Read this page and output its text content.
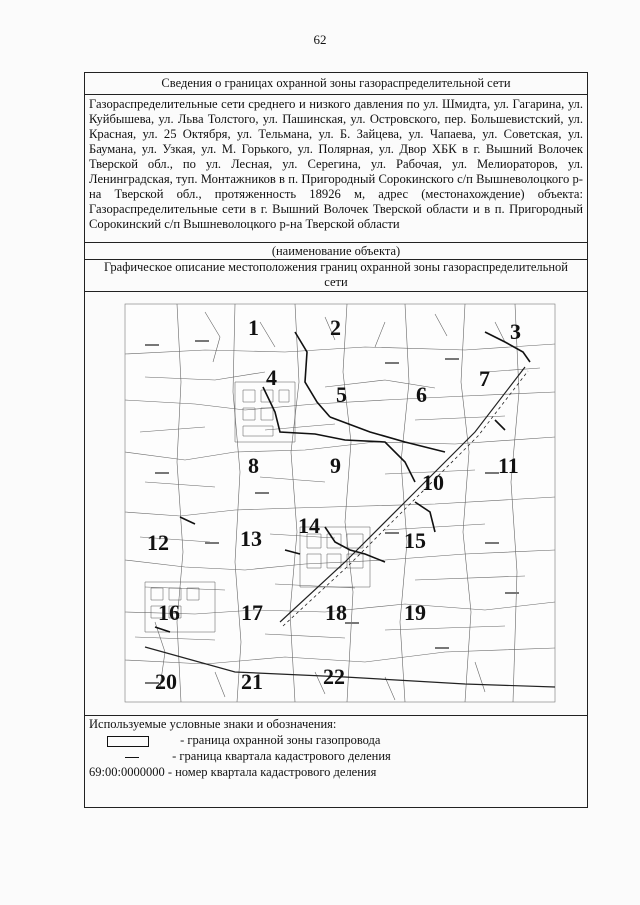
62
Сведения о границах охранной зоны газораспределительной сети
Газораспределительные сети среднего и низкого давления по ул. Шмидта, ул. Гагарина, ул. Куйбышева, ул. Льва Толстого, ул. Пашинская, ул. Островского, пер. Большевистский, ул. Красная, ул. 25 Октября, ул. Тельмана, ул. Б. Зайцева, ул. Чапаева, ул. Советская, ул. Баумана, ул. Узкая, ул. М. Горького, ул. Полярная, ул. Двор ХБК в г. Вышний Волочек Тверской обл., по ул. Лесная, ул. Серегина, ул. Рабочая, ул. Мелиораторов, ул. Ленинградская, туп. Монтажников в п. Пригородный Сорокинского с/п Вышневолоцкого р-на Тверской обл., протяженность 18926 м, адрес (местонахождение) объекта: Газораспределительные сети в г. Вышний Волочек Тверской области и в п. Пригородный Сорокинский с/п Вышневолоцкого р-на Тверской области
(наименование объекта)
Графическое описание местоположения границ охранной зоны газораспределительной сети
1	2	3
4
5	6
7
8	9
10
11
12	13
14
15
16	17	18	19
20	21	22
Используемые условные знаки и обозначения:
- граница охранной зоны газопровода
- граница квартала кадастрового деления
69:00:0000000 - номер квартала кадастрового деления
